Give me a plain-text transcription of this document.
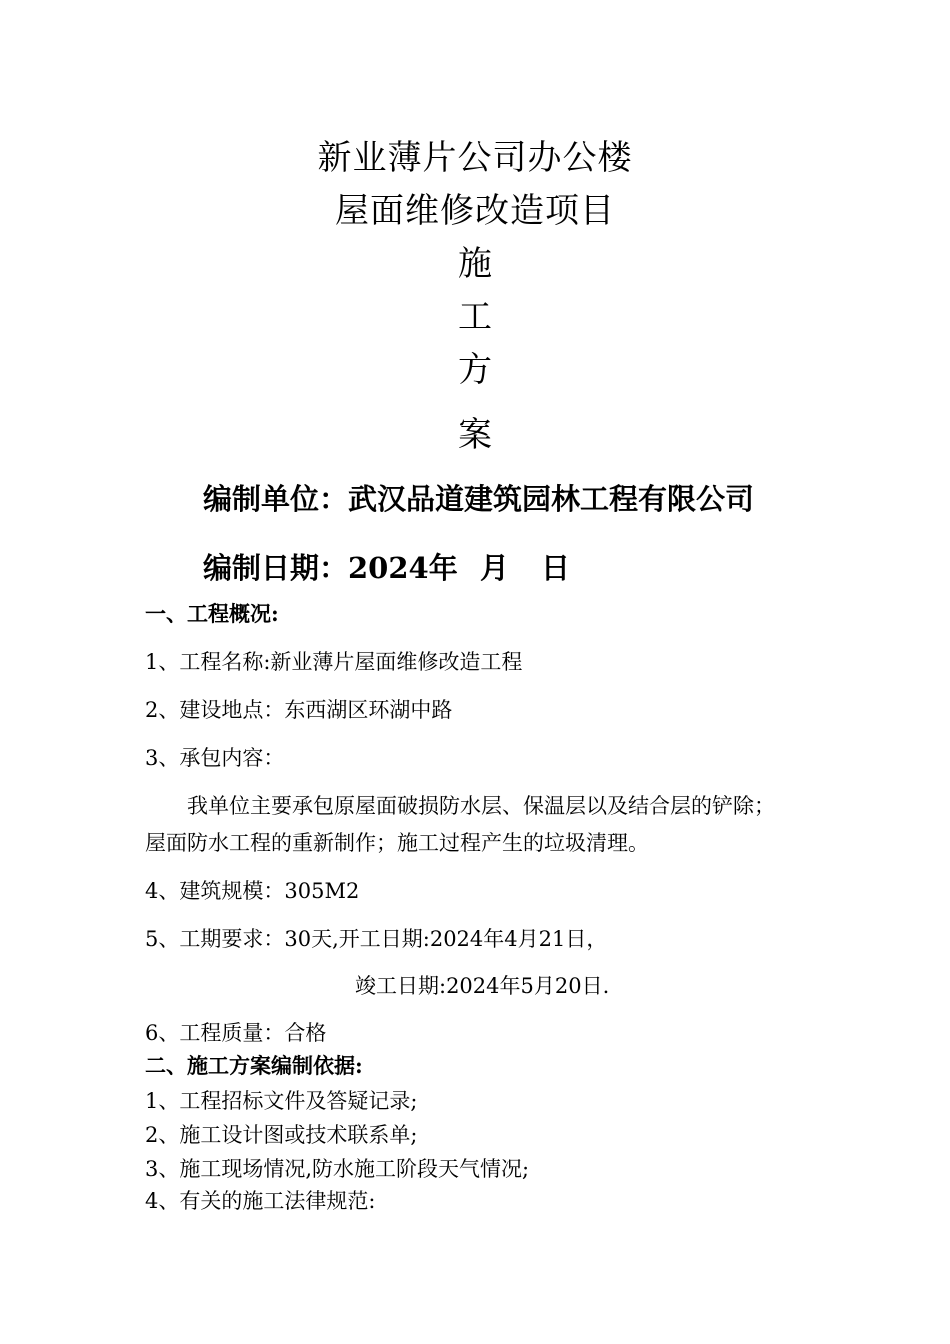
新业薄片公司办公楼
屋面维修改造项目
施
工
方
案
编制单位：武汉品道建筑园林工程有限公司
编制日期：2024年 月 日
一、工程概况:
1、工程名称:新业薄片屋面维修改造工程
2、建设地点：东西湖区环湖中路
3、承包内容：
我单位主要承包原屋面破损防水层、保温层以及结合层的铲除；
屋面防水工程的重新制作；施工过程产生的垃圾清理。
4、建筑规模：305M2
5、工期要求：30天,开工日期:2024年4月21日，
竣工日期:2024年5月20日.
6、工程质量：合格
二、施工方案编制依据:
1、工程招标文件及答疑记录;
2、施工设计图或技术联系单;
3、施工现场情况,防水施工阶段天气情况;
4、有关的施工法律规范:
